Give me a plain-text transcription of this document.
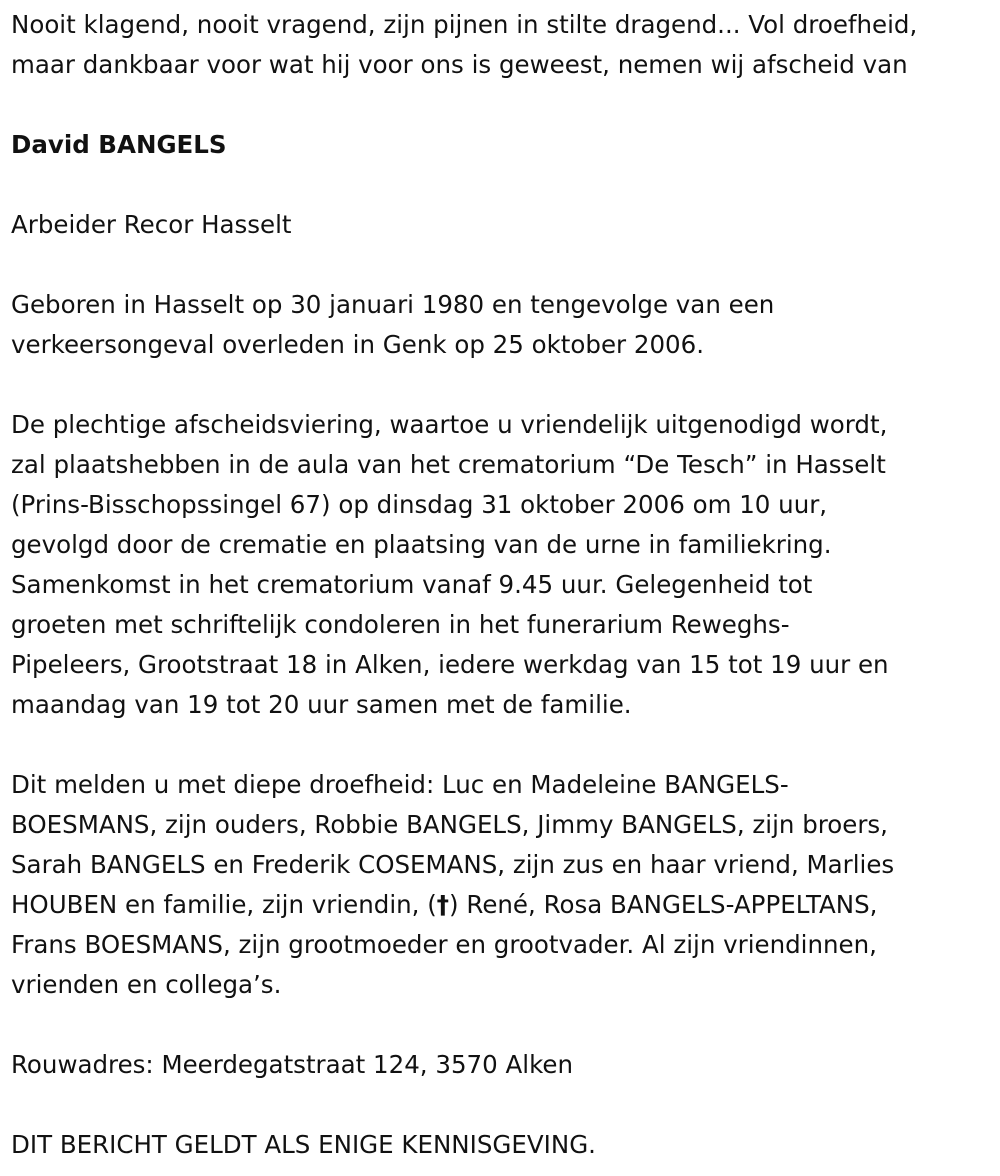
Nooit klagend, nooit vragend, zijn pijnen in stilte dragend... Vol droefheid,
maar dankbaar voor wat hij voor ons is geweest, nemen wij afscheid van

David BANGELS

Arbeider Recor Hasselt

Geboren in Hasselt op 30 januari 1980 en tengevolge van een
verkeersongeval overleden in Genk op 25 oktober 2006.

De plechtige afscheidsviering, waartoe u vriendelijk uitgenodigd wordt,
zal plaatshebben in de aula van het crematorium “De Tesch” in Hasselt
(Prins-Bisschopssingel 67) op dinsdag 31 oktober 2006 om 10 uur,
gevolgd door de crematie en plaatsing van de urne in familiekring.
Samenkomst in het crematorium vanaf 9.45 uur. Gelegenheid tot
groeten met schriftelijk condoleren in het funerarium Reweghs-
Pipeleers, Grootstraat 18 in Alken, iedere werkdag van 15 tot 19 uur en
maandag van 19 tot 20 uur samen met de familie.

Dit melden u met diepe droefheid: Luc en Madeleine BANGELS-
BOESMANS, zijn ouders, Robbie BANGELS, Jimmy BANGELS, zijn broers,
Sarah BANGELS en Frederik COSEMANS, zijn zus en haar vriend, Marlies
HOUBEN en familie, zijn vriendin, (†) René, Rosa BANGELS-APPELTANS,
Frans BOESMANS, zijn grootmoeder en grootvader. Al zijn vriendinnen,
vrienden en collega’s.

Rouwadres: Meerdegatstraat 124, 3570 Alken

DIT BERICHT GELDT ALS ENIGE KENNISGEVING.
